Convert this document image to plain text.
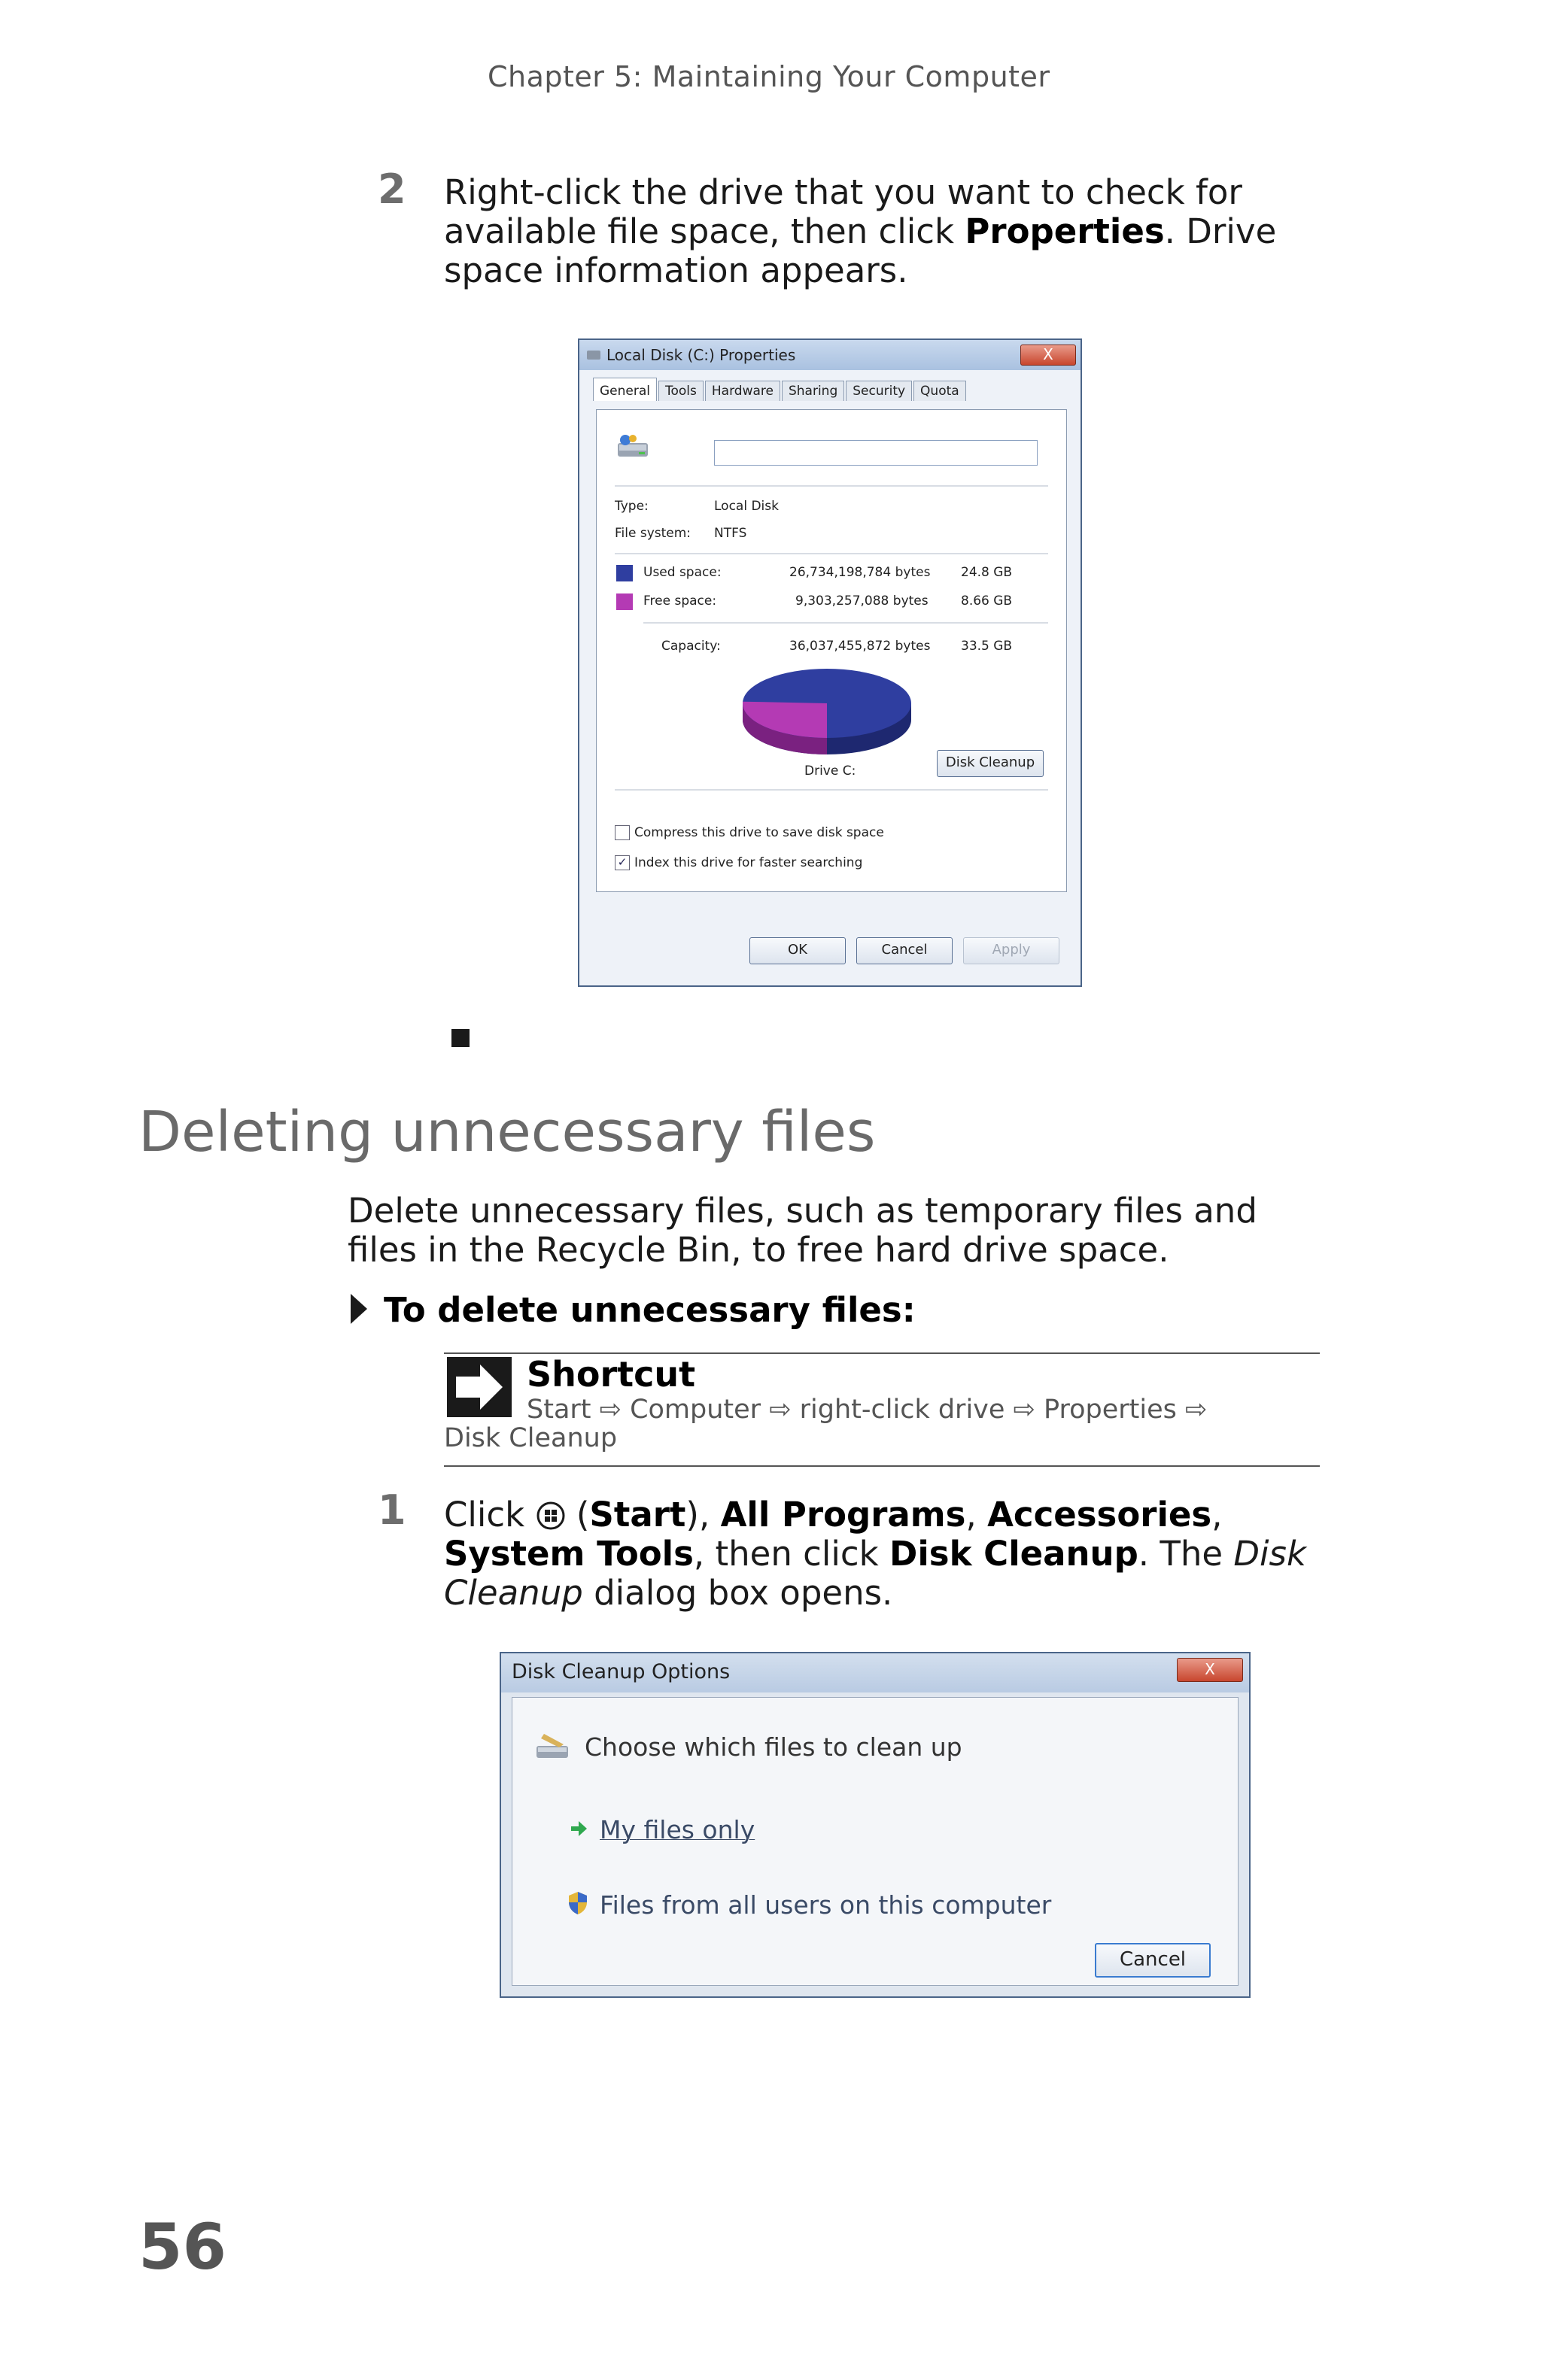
Chapter 5: Maintaining Your Computer
2 Right-click the drive that you want to check for available file space, then click Properties. Drive space information appears.
Local Disk (C:) Properties	X
General	Tools	Hardware	Sharing	Security	Quota
Type:	Local Disk
File system: NTFS
Used space:	26,734,198,784 bytes 24.8 GB
Free space:	9,303,257,088 bytes	8.66 GB
Capacity:	36,037,455,872 bytes 33.5 GB
Drive C:
Disk Cleanup
Compress this drive to save disk space
✓ Index this drive for faster searching
OK	Cancel	Apply
Deleting unnecessary files
Delete unnecessary files, such as temporary files and files in the Recycle Bin, to free hard drive space.
To delete unnecessary files:
Shortcut
Start ⇨ Computer ⇨ right-click drive ⇨ Properties ⇨
Disk Cleanup
1 Click  (Start), All Programs, Accessories, System Tools, then click Disk Cleanup. The Disk Cleanup dialog box opens.
Disk Cleanup Options	X
Choose which files to clean up
My files only
Files from all users on this computer
Cancel
56
